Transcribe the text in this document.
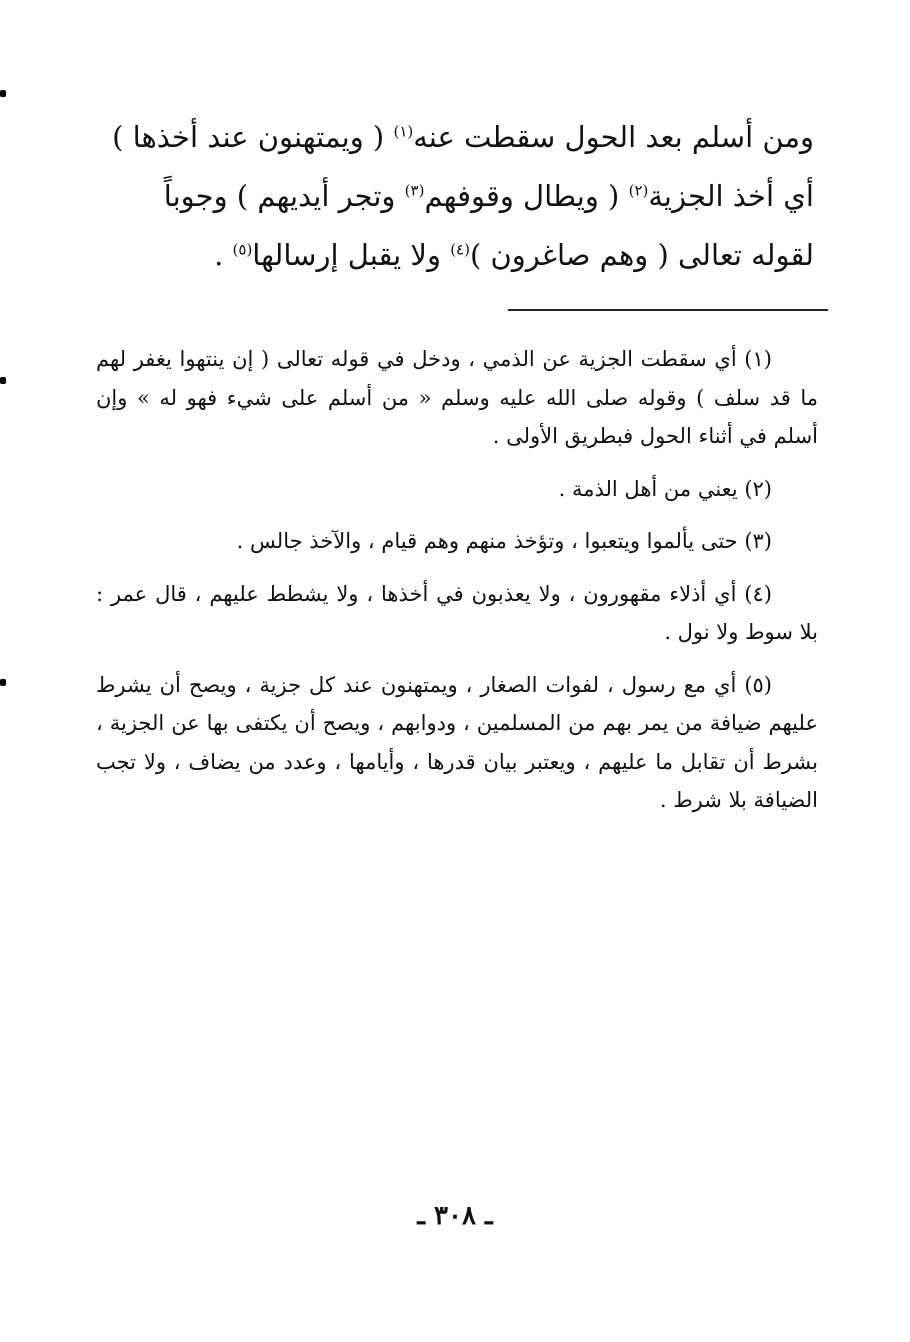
ومن أسلم بعد الحول سقطت عنه$^{(١)}$ ( ويمتهنون عند أخذها )

أي أخذ الجزية$^{(٢)}$ ( ويطال وقوفهم$^{(٣)}$ وتجر أيديهم ) وجوباً

لقوله تعالى ( وهم صاغرون )$^{(٤)}$ ولا يقبل إرسالها$^{(٥)}$ .

(١) أي سقطت الجزية عن الذمي ، ودخل في قوله تعالى ( إن ينتهوا يغفر لهم ما قد سلف ) وقوله صلى الله عليه وسلم « من أسلم على شيء فهو له » وإن أسلم في أثناء الحول فبطريق الأولى .

(٢) يعني من أهل الذمة .

(٣) حتى يألموا ويتعبوا ، وتؤخذ منهم وهم قيام ، والآخذ جالس .

(٤) أي أذلاء مقهورون ، ولا يعذبون في أخذها ، ولا يشطط عليهم ، قال عمر : بلا سوط ولا نول .

(٥) أي مع رسول ، لفوات الصغار ، ويمتهنون عند كل جزية ، ويصح أن يشرط عليهم ضيافة من يمر بهم من المسلمين ، ودوابهم ، ويصح أن يكتفى بها عن الجزية ، بشرط أن تقابل ما عليهم ، ويعتبر بيان قدرها ، وأيامها ، وعدد من يضاف ، ولا تجب الضيافة بلا شرط .

ـ ٣٠٨ ـ
